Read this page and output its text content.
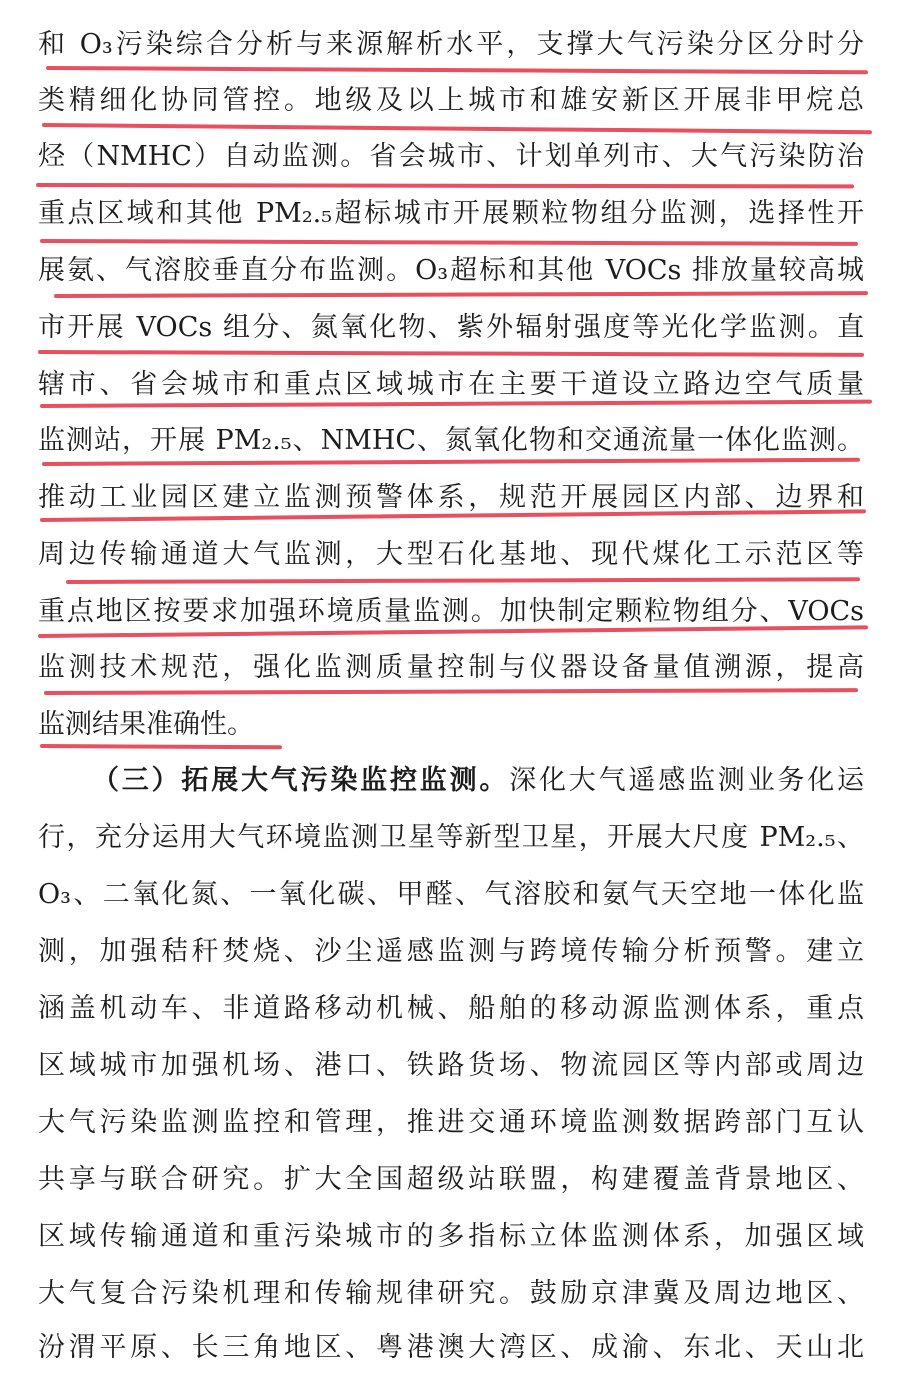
和 O₃污染综合分析与来源解析水平，支撑大气污染分区分时分
类精细化协同管控。地级及以上城市和雄安新区开展非甲烷总
烃（NMHC）自动监测。省会城市、计划单列市、大气污染防治
重点区域和其他 PM₂.₅超标城市开展颗粒物组分监测，选择性开
展氨、气溶胶垂直分布监测。O₃超标和其他 VOCs 排放量较高城
市开展 VOCs 组分、氮氧化物、紫外辐射强度等光化学监测。直
辖市、省会城市和重点区域城市在主要干道设立路边空气质量
监测站，开展 PM₂.₅、NMHC、氮氧化物和交通流量一体化监测。
推动工业园区建立监测预警体系，规范开展园区内部、边界和
周边传输通道大气监测，大型石化基地、现代煤化工示范区等
重点地区按要求加强环境质量监测。加快制定颗粒物组分、VOCs
监测技术规范，强化监测质量控制与仪器设备量值溯源，提高
监测结果准确性。
（三）拓展大气污染监控监测。深化大气遥感监测业务化运
行，充分运用大气环境监测卫星等新型卫星，开展大尺度 PM₂.₅、
O₃、二氧化氮、一氧化碳、甲醛、气溶胶和氨气天空地一体化监
测，加强秸秆焚烧、沙尘遥感监测与跨境传输分析预警。建立
涵盖机动车、非道路移动机械、船舶的移动源监测体系，重点
区域城市加强机场、港口、铁路货场、物流园区等内部或周边
大气污染监测监控和管理，推进交通环境监测数据跨部门互认
共享与联合研究。扩大全国超级站联盟，构建覆盖背景地区、
区域传输通道和重污染城市的多指标立体监测体系，加强区域
大气复合污染机理和传输规律研究。鼓励京津冀及周边地区、
汾渭平原、长三角地区、粤港澳大湾区、成渝、东北、天山北
